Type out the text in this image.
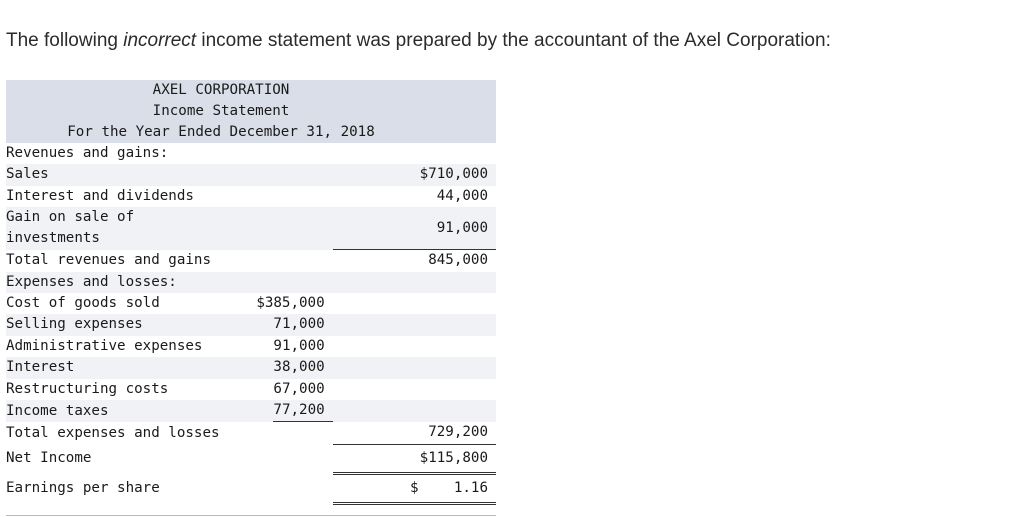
The following incorrect income statement was prepared by the accountant of the Axel Corporation:
AXEL CORPORATION		
Income Statement		
For the Year Ended December 31, 2018		
Revenues and gains:		
Sales		$710,000
Interest and dividends		44,000
Gain on sale of
investments		91,000
Total revenues and gains		845,000
Expenses and losses:		
Cost of goods sold	$385,000	
Selling expenses	71,000	
Administrative expenses	91,000	
Interest	38,000	
Restructuring costs	67,000	
Income taxes	77,200	
Total expenses and losses		729,200
Net Income		$115,800
Earnings per share		$ 1.16
